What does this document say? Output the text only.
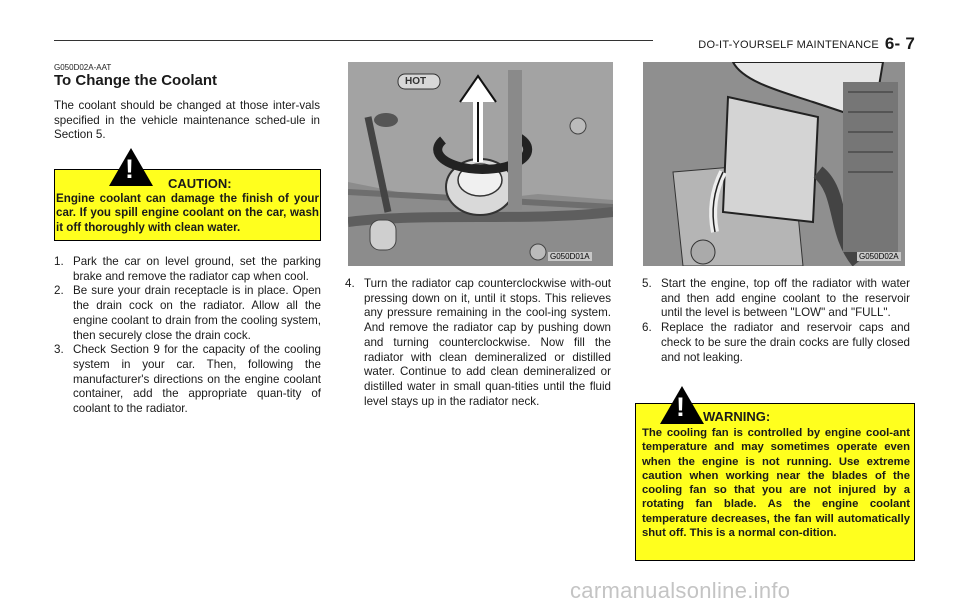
DO-IT-YOURSELF MAINTENANCE 6- 7
G050D02A-AAT
To Change the Coolant
The coolant should be changed at those inter-vals specified in the vehicle maintenance sched-ule in Section 5.
!	CAUTION:
Engine coolant can damage the finish of your car. If you spill engine coolant on the car, wash it off thoroughly with clean water.
1. Park the car on level ground, set the parking brake and remove the radiator cap when cool.
2. Be sure your drain receptacle is in place. Open the drain cock on the radiator. Allow all the engine coolant to drain from the cooling system, then securely close the drain cock.
3. Check Section 9 for the capacity of the cooling system in your car. Then, following the manufacturer's directions on the engine coolant container, add the appropriate quan-tity of coolant to the radiator.
HOT
G050D01A
4. Turn the radiator cap counterclockwise with-out pressing down on it, until it stops. This relieves any pressure remaining in the cool-ing system. And remove the radiator cap by pushing down and turning counterclockwise. Now fill the radiator with clean demineralized or distilled water. Continue to add clean demineralized or distilled water in small quan-tities until the fluid level stays up in the radiator neck.
G050D02A
5. Start the engine, top off the radiator with water and then add engine coolant to the reservoir until the level is between "LOW" and "FULL".
6. Replace the radiator and reservoir caps and check to be sure the drain cocks are fully closed and not leaking.
! WARNING:
The cooling fan is controlled by engine cool-ant temperature and may sometimes operate even when the engine is not running. Use extreme caution when working near the blades of the cooling fan so that you are not injured by a rotating fan blade. As the engine coolant temperature decreases, the fan will automatically shut off. This is a normal con-dition.
carmanualsonline.info
